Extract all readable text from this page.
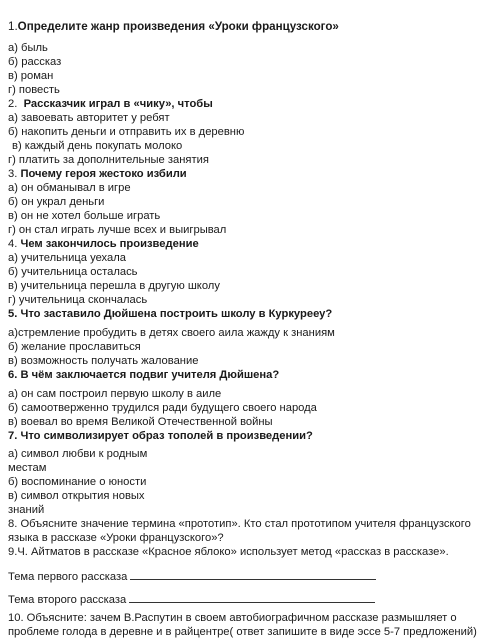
1.Определите жанр произведения «Уроки французского»
а) быль
б) рассказ
в) роман
г) повесть
2. Рассказчик играл в «чику», чтобы
а) завоевать авторитет у ребят
б) накопить деньги и отправить их в деревню
в) каждый день покупать молоко
г) платить за дополнительные занятия
3. Почему героя жестоко избили
а) он обманывал в игре
б) он украл деньги
в) он не хотел больше играть
г) он стал играть лучше всех и выигрывал
4. Чем закончилось произведение
а) учительница уехала
б) учительница осталась
в) учительница перешла в другую школу
г) учительница скончалась
5. Что заставило Дюйшена построить школу в Куркурееу?
а)стремление пробудить в детях своего аила жажду к знаниям
б) желание прославиться
в) возможность получать жалование
6. В чём заключается подвиг учителя Дюйшена?
а) он сам построил первую школу в аиле
б) самоотверженно трудился ради будущего своего народа
в) воевал во время Великой Отечественной войны
7. Что символизирует образ тополей в произведении?
а) символ любви к родным
местам
б) воспоминание о юности
в) символ открытия новых
знаний
8. Объясните значение термина «прототип». Кто стал прототипом учителя французского
языка в рассказе «Уроки французского»?
9.Ч. Айтматов в рассказе «Красное яблоко» использует метод «рассказ в рассказе».
Тема первого рассказа
Тема второго рассказа
10. Объясните: зачем В.Распутин в своем автобиографичном рассказе размышляет о
проблеме голода в деревне и в райцентре( ответ запишите в виде эссе 5-7 предложений)
